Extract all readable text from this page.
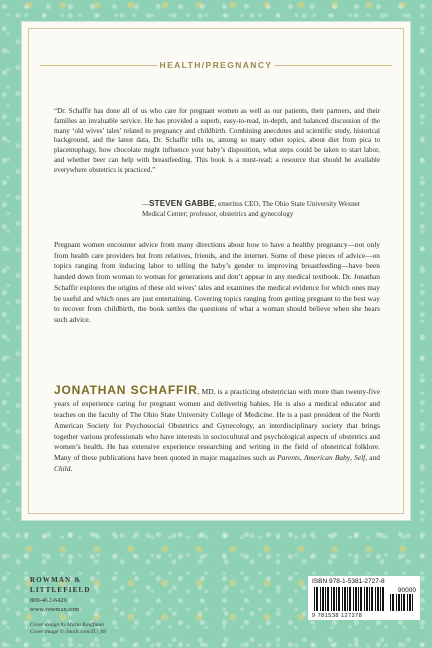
HEALTH/PREGNANCY

“Dr. Schaffir has done all of us who care for pregnant women as well as our patients, their partners, and their families an invaluable service. He has provided a superb, easy-to-read, in-depth, and balanced discussion of the many ‘old wives’ tales’ related to pregnancy and childbirth. Combining anecdotes and scientific study, historical background, and the latest data, Dr. Schaffir tells us, among so many other topics, about diet from pica to placentophagy, how chocolate might influence your baby’s disposition, what steps could be taken to start labor, and whether beer can help with breastfeeding. This book is a must-read; a resource that should be available everywhere obstetrics is practiced.”

—STEVEN GABBE, emeritus CEO, The Ohio State University Wexner Medical Center; professor, obstetrics and gynecology

Pregnant women encounter advice from many directions about how to have a healthy pregnancy—not only from health care providers but from relatives, friends, and the internet. Some of these pieces of advice—on topics ranging from inducing labor to telling the baby’s gender to improving breastfeeding—have been handed down from woman to woman for generations and don’t appear in any medical textbook. Dr. Jonathan Schaffir explores the origins of these old wives’ tales and examines the medical evidence for which ones may be useful and which ones are just entertaining. Covering topics ranging from getting pregnant to the best way to recover from childbirth, the book settles the questions of what a woman should believe when she hears such advice.

JONATHAN SCHAFFIR, MD, is a practicing obstetrician with more than twenty-five years of experience caring for pregnant women and delivering babies. He is also a medical educator and teaches on the faculty of The Ohio State University College of Medicine. He is a past president of the North American Society for Psychosocial Obstetrics and Gynecology, an interdisciplinary society that brings together various professionals who have interests in sociocultural and psychological aspects of obstetrics and women’s health. He has extensive experience researching and writing in the field of obstetrical folklore. Many of these publications have been quoted in major magazines such as Parents, American Baby, Self, and Child.

ROWMAN &
LITTLEFIELD
800-462-6420
www.rowman.com
Cover design by Maria Kauffman
Cover image © iStock.com/ZU_09
ISBN 978-1-5381-2727-8
90000
9 781538 127278
